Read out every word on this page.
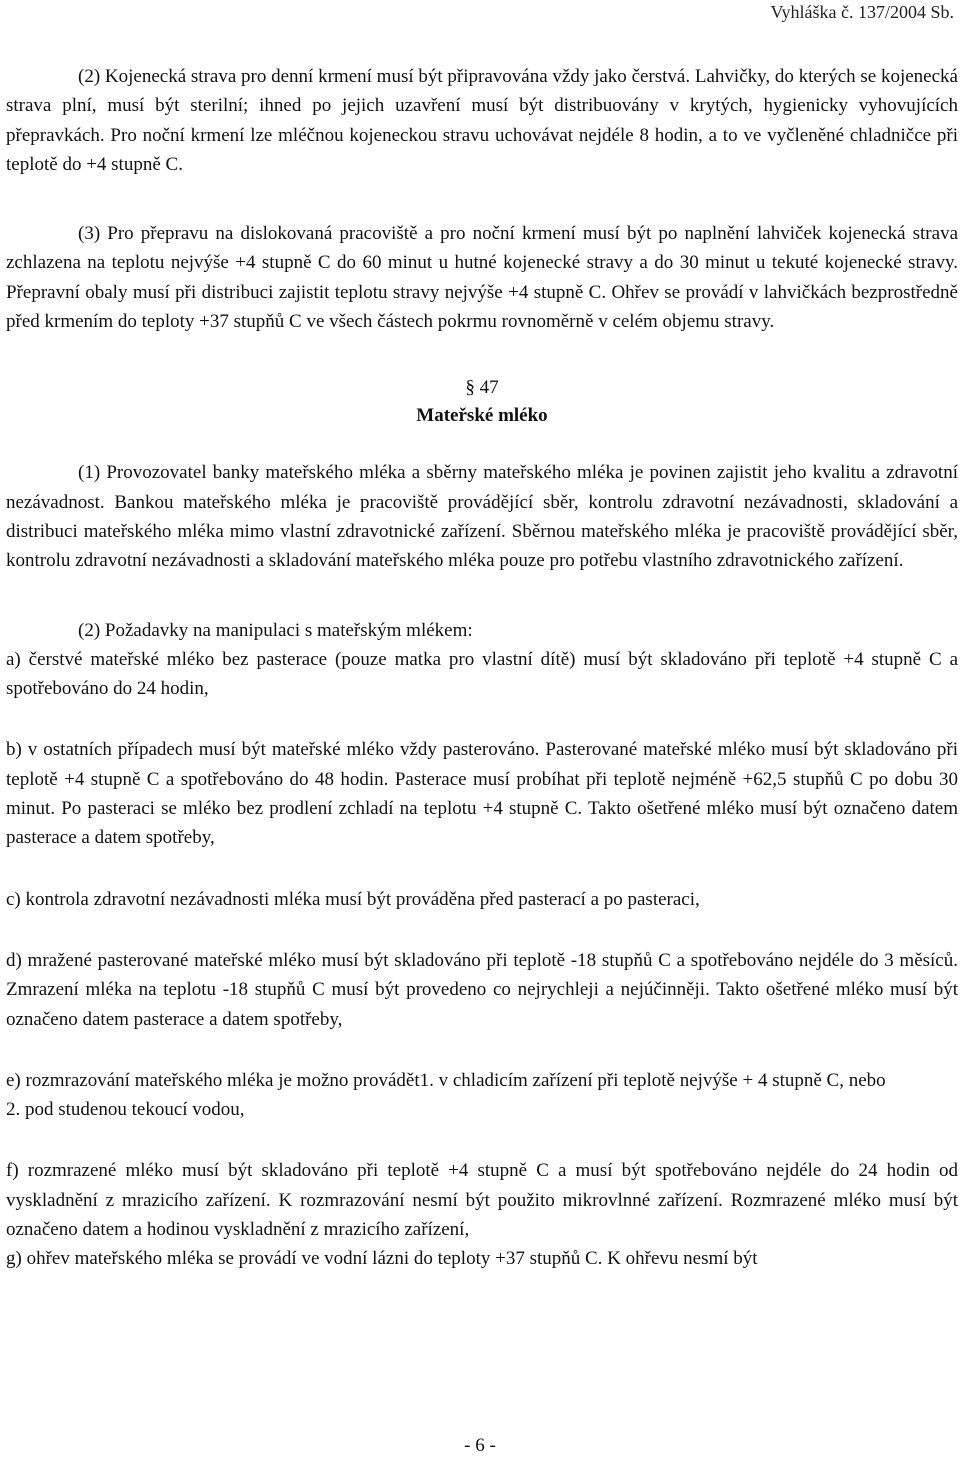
Vyhláška č. 137/2004 Sb.

(2) Kojenecká strava pro denní krmení musí být připravována vždy jako čerstvá. Lahvičky, do kterých se kojenecká strava plní, musí být sterilní; ihned po jejich uzavření musí být distribuovány v krytých, hygienicky vyhovujících přepravkách. Pro noční krmení lze mléčnou kojeneckou stravu uchovávat nejdéle 8 hodin, a to ve vyčleněné chladničce při teplotě do +4 stupně C.

(3) Pro přepravu na dislokovaná pracoviště a pro noční krmení musí být po naplnění lahviček kojenecká strava zchlazena na teplotu nejvýše +4 stupně C do 60 minut u hutné kojenecké stravy a do 30 minut u tekuté kojenecké stravy. Přepravní obaly musí při distribuci zajistit teplotu stravy nejvýše +4 stupně C. Ohřev se provádí v lahvičkách bezprostředně před krmením do teploty +37 stupňů C ve všech částech pokrmu rovnoměrně v celém objemu stravy.

§ 47

Mateřské mléko

(1) Provozovatel banky mateřského mléka a sběrny mateřského mléka je povinen zajistit jeho kvalitu a zdravotní nezávadnost. Bankou mateřského mléka je pracoviště provádějící sběr, kontrolu zdravotní nezávadnosti, skladování a distribuci mateřského mléka mimo vlastní zdravotnické zařízení. Sběrnou mateřského mléka je pracoviště provádějící sběr, kontrolu zdravotní nezávadnosti a skladování mateřského mléka pouze pro potřebu vlastního zdravotnického zařízení.

(2) Požadavky na manipulaci s mateřským mlékem:

a) čerstvé mateřské mléko bez pasterace (pouze matka pro vlastní dítě) musí být skladováno při teplotě +4 stupně C a spotřebováno do 24 hodin,

b) v ostatních případech musí být mateřské mléko vždy pasterováno. Pasterované mateřské mléko musí být skladováno při teplotě +4 stupně C a spotřebováno do 48 hodin. Pasterace musí probíhat při teplotě nejméně +62,5 stupňů C po dobu 30 minut. Po pasteraci se mléko bez prodlení zchladí na teplotu +4 stupně C. Takto ošetřené mléko musí být označeno datem pasterace a datem spotřeby,

c) kontrola zdravotní nezávadnosti mléka musí být prováděna před pasterací a po pasteraci,

d) mražené pasterované mateřské mléko musí být skladováno při teplotě -18 stupňů C a spotřebováno nejdéle do 3 měsíců. Zmrazení mléka na teplotu -18 stupňů C musí být provedeno co nejrychleji a nejúčinněji. Takto ošetřené mléko musí být označeno datem pasterace a datem spotřeby,

e) rozmrazování mateřského mléka je možno provádět1. v chladicím zařízení při teplotě nejvýše + 4 stupně C, nebo

2. pod studenou tekoucí vodou,

f) rozmrazené mléko musí být skladováno při teplotě +4 stupně C a musí být spotřebováno nejdéle do 24 hodin od vyskladnění z mrazicího zařízení. K rozmrazování nesmí být použito mikrovlnné zařízení. Rozmrazené mléko musí být označeno datem a hodinou vyskladnění z mrazicího zařízení,

g) ohřev mateřského mléka se provádí ve vodní lázni do teploty +37 stupňů C. K ohřevu nesmí být

- 6 -
